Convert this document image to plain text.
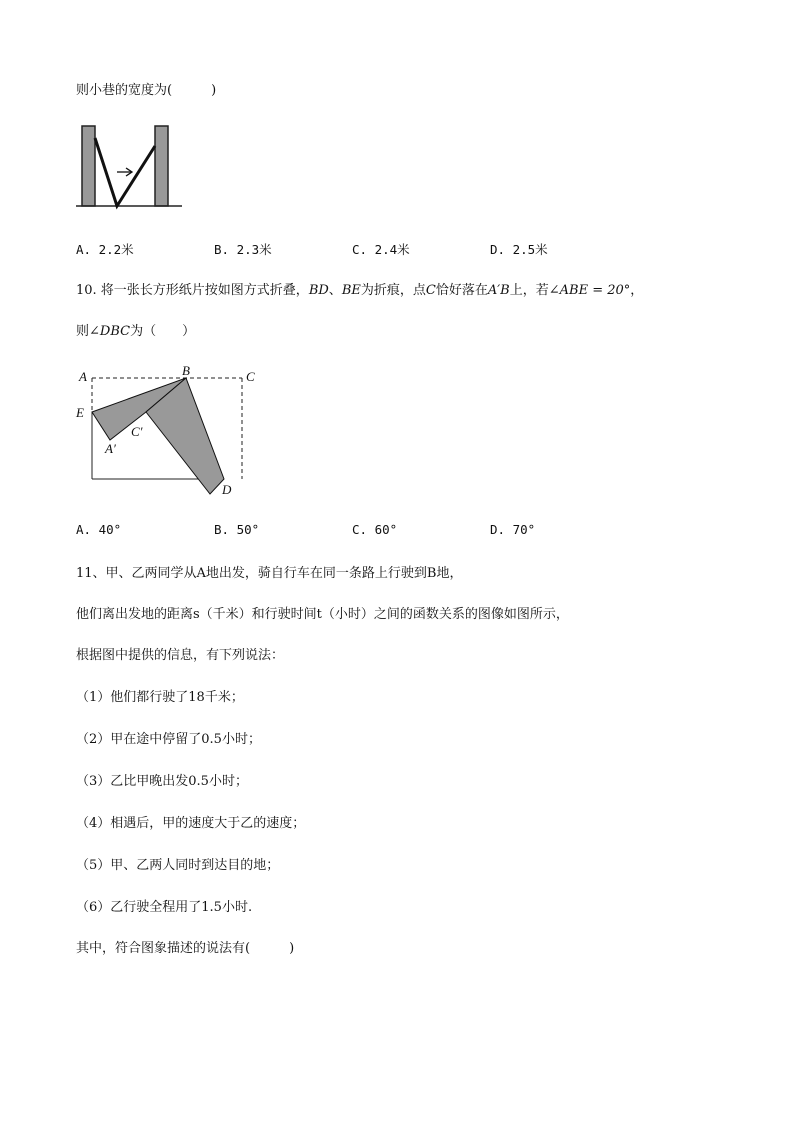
则小巷的宽度为(　　　)
A. 2.2米	B. 2.3米	C. 2.4米	D. 2.5米
10. 将一张长方形纸片按如图方式折叠，BD、BE为折痕，点C恰好落在A′B上，若∠ABE = 20°，
则∠DBC为（　　）
A	B	C
E
C′
A′
D
A. 40°	B. 50°	C. 60°	D. 70°
11、甲、乙两同学从A地出发，骑自行车在同一条路上行驶到B地，
他们离出发地的距离s（千米）和行驶时间t（小时）之间的函数关系的图像如图所示，
根据图中提供的信息，有下列说法：
（1）他们都行驶了18千米；
（2）甲在途中停留了0.5小时；
（3）乙比甲晚出发0.5小时；
（4）相遇后，甲的速度大于乙的速度；
（5）甲、乙两人同时到达目的地；
（6）乙行驶全程用了1.5小时.
其中，符合图象描述的说法有(　　　)
